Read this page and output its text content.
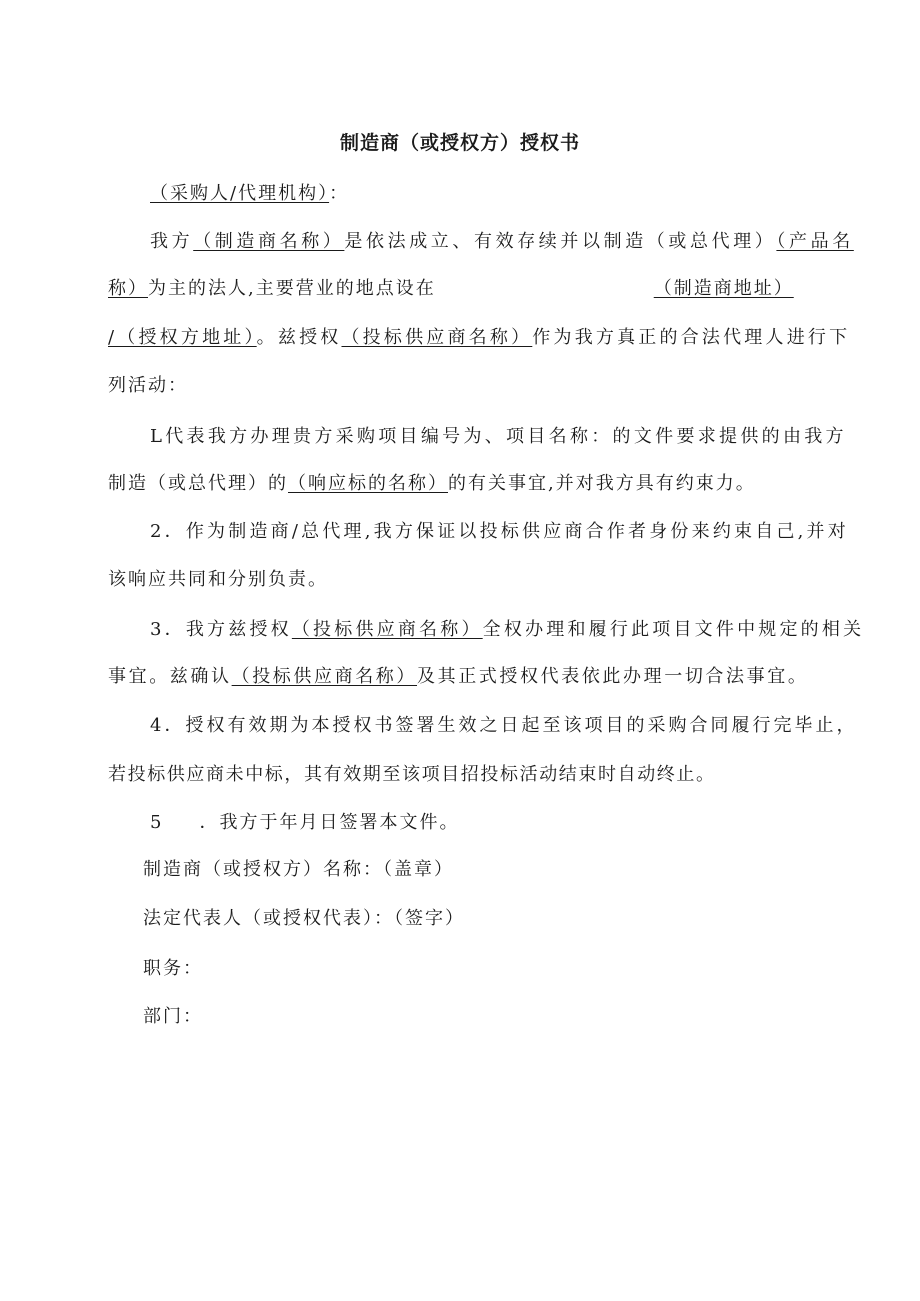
制造商（或授权方）授权书
（采购人/代理机构）：
我方（制造商名称）是依法成立、有效存续并以制造（或总代理）（产品名
称）为主的法人,主要营业的地点设在	（制造商地址）
/（授权方地址）。兹授权（投标供应商名称）作为我方真正的合法代理人进行下
列活动：
L代表我方办理贵方采购项目编号为、项目名称：的文件要求提供的由我方
制造（或总代理）的（响应标的名称）的有关事宜,并对我方具有约束力。
2．作为制造商/总代理,我方保证以投标供应商合作者身份来约束自己,并对
该响应共同和分别负责。
3．我方兹授权（投标供应商名称）全权办理和履行此项目文件中规定的相关
事宜。兹确认（投标供应商名称）及其正式授权代表依此办理一切合法事宜。
4．授权有效期为本授权书签署生效之日起至该项目的采购合同履行完毕止，
若投标供应商未中标，其有效期至该项目招投标活动结束时自动终止。
5 ．我方于年月日签署本文件。
制造商（或授权方）名称：（盖章）
法定代表人（或授权代表）：（签字）
职务：
部门：
